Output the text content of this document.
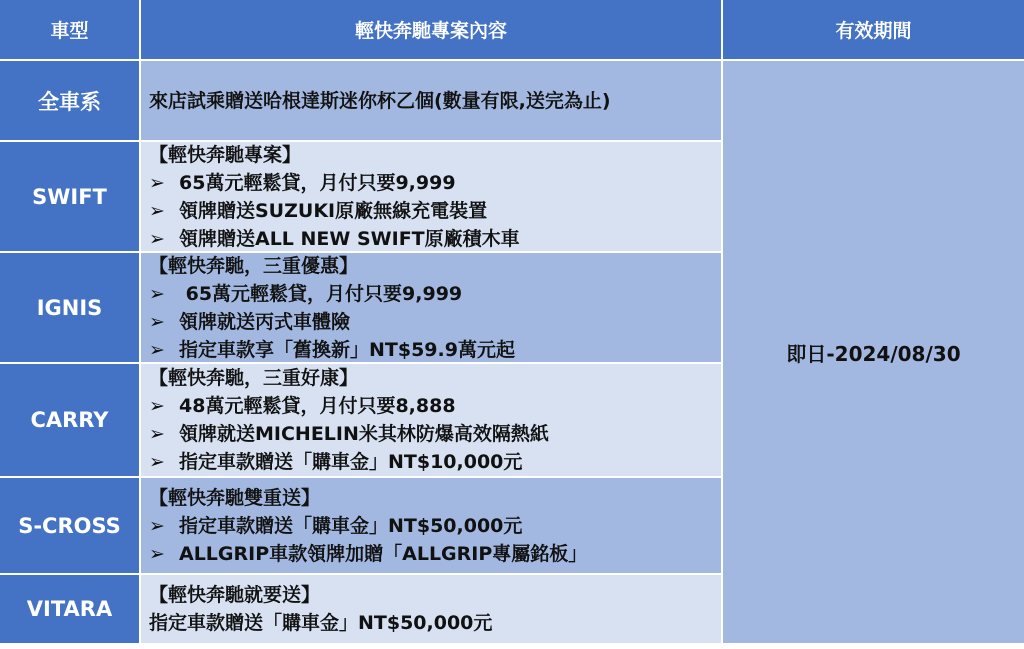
車型	輕快奔馳專案內容	有效期間
全車系
SWIFT
IGNIS
CARRY
S-CROSS
VITARA
來店試乘贈送哈根達斯迷你杯乙個(數量有限,送完為止)
【輕快奔馳專案】
➢ 65萬元輕鬆貸，月付只要9,999
➢ 領牌贈送SUZUKI原廠無線充電裝置
➢ 領牌贈送ALL NEW SWIFT原廠積木車
【輕快奔馳，三重優惠】
➢ 65萬元輕鬆貸，月付只要9,999
➢ 領牌就送丙式車體險
➢ 指定車款享「舊換新」NT$59.9萬元起
【輕快奔馳，三重好康】
➢ 48萬元輕鬆貸，月付只要8,888
➢ 領牌就送MICHELIN米其林防爆高效隔熱紙
➢ 指定車款贈送「購車金」NT$10,000元
【輕快奔馳雙重送】
➢ 指定車款贈送「購車金」NT$50,000元
➢ ALLGRIP車款領牌加贈「ALLGRIP專屬銘板」
【輕快奔馳就要送】
指定車款贈送「購車金」NT$50,000元
即日-2024/08/30
